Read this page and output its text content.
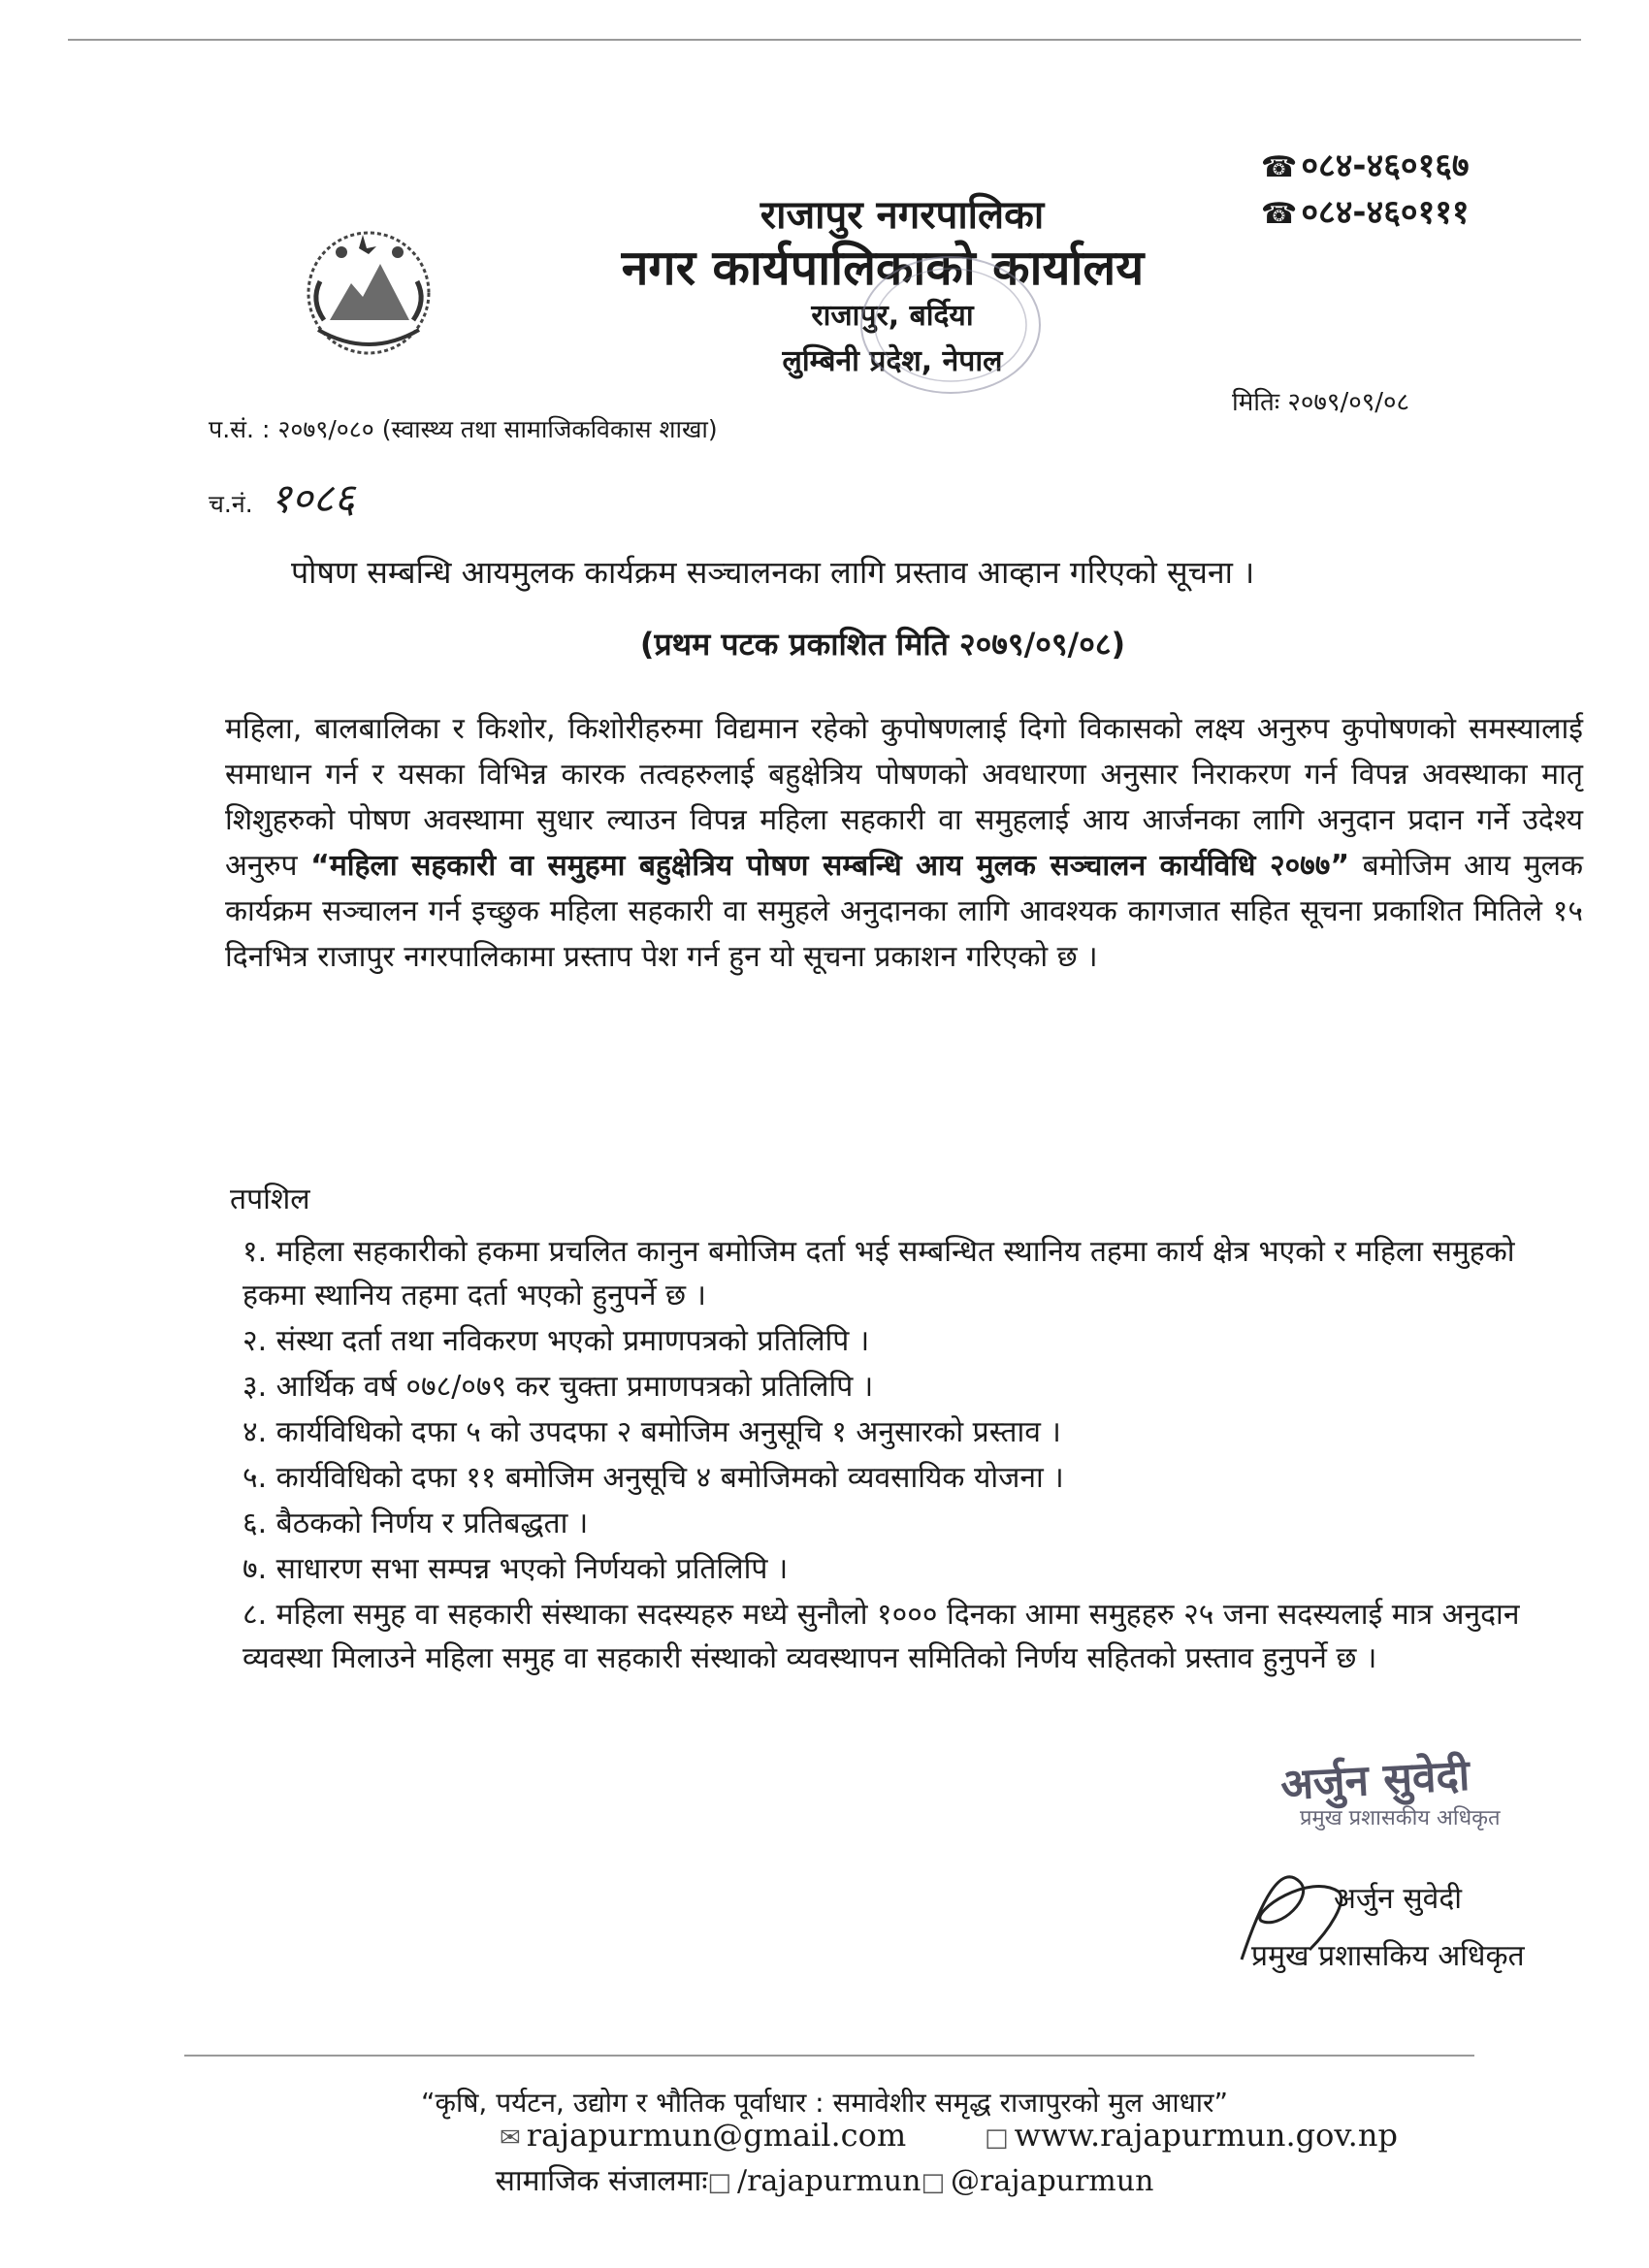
राजापुर नगरपालिका
नगर कार्यपालिकाको कार्यालय
राजापुर, बर्दिया
लुम्बिनी प्रदेश, नेपाल
☎ ०८४-४६०१६७
☎ ०८४-४६०१११
मितिः २०७९/०९/०८
प.सं. : २०७९/०८० (स्वास्थ्य तथा सामाजिकविकास शाखा)
च.नं. १०८६
पोषण सम्बन्धि आयमुलक कार्यक्रम सञ्चालनका लागि प्रस्ताव आव्हान गरिएको सूचना ।
(प्रथम पटक प्रकाशित मिति २०७९/०९/०८)
महिला, बालबालिका र किशोर, किशोरीहरुमा विद्यमान रहेको कुपोषणलाई दिगो विकासको लक्ष्य अनुरुप कुपोषणको समस्यालाई समाधान गर्न र यसका विभिन्न कारक तत्वहरुलाई बहुक्षेत्रिय पोषणको अवधारणा अनुसार निराकरण गर्न विपन्न अवस्थाका मातृ शिशुहरुको पोषण अवस्थामा सुधार ल्याउन विपन्न महिला सहकारी वा समुहलाई आय आर्जनका लागि अनुदान प्रदान गर्ने उदेश्य अनुरुप “महिला सहकारी वा समुहमा बहुक्षेत्रिय पोषण सम्बन्धि आय मुलक सञ्चालन कार्यविधि २०७७” बमोजिम आय मुलक कार्यक्रम सञ्चालन गर्न इच्छुक महिला सहकारी वा समुहले अनुदानका लागि आवश्यक कागजात सहित सूचना प्रकाशित मितिले १५ दिनभित्र राजापुर नगरपालिकामा प्रस्ताप पेश गर्न हुन यो सूचना प्रकाशन गरिएको छ ।
तपशिल
१. महिला सहकारीको हकमा प्रचलित कानुन बमोजिम दर्ता भई सम्बन्धित स्थानिय तहमा कार्य क्षेत्र भएको र महिला समुहको हकमा स्थानिय तहमा दर्ता भएको हुनुपर्ने छ ।
२. संस्था दर्ता तथा नविकरण भएको प्रमाणपत्रको प्रतिलिपि ।
३. आर्थिक वर्ष ०७८/०७९ कर चुक्ता प्रमाणपत्रको प्रतिलिपि ।
४. कार्यविधिको दफा ५ को उपदफा २ बमोजिम अनुसूचि १ अनुसारको प्रस्ताव ।
५. कार्यविधिको दफा ११ बमोजिम अनुसूचि ४ बमोजिमको व्यवसायिक योजना ।
६. बैठकको निर्णय र प्रतिबद्धता ।
७. साधारण सभा सम्पन्न भएको निर्णयको प्रतिलिपि ।
८. महिला समुह वा सहकारी संस्थाका सदस्यहरु मध्ये सुनौलो १००० दिनका आमा समुहहरु २५ जना सदस्यलाई मात्र अनुदान व्यवस्था मिलाउने महिला समुह वा सहकारी संस्थाको व्यवस्थापन समितिको निर्णय सहितको प्रस्ताव हुनुपर्ने छ ।
अर्जुन सुवेदी
प्रमुख प्रशासकीय अधिकृत
अर्जुन सुवेदी
प्रमुख प्रशासकिय अधिकृत
“कृषि, पर्यटन, उद्योग र भौतिक पूर्वाधार : समावेशीर समृद्ध राजापुरको मुल आधार”
✉ rajapurmun@gmail.com	□ www.rajapurmun.gov.np
सामाजिक संजालमाः□ /rajapurmun□ @rajapurmun
